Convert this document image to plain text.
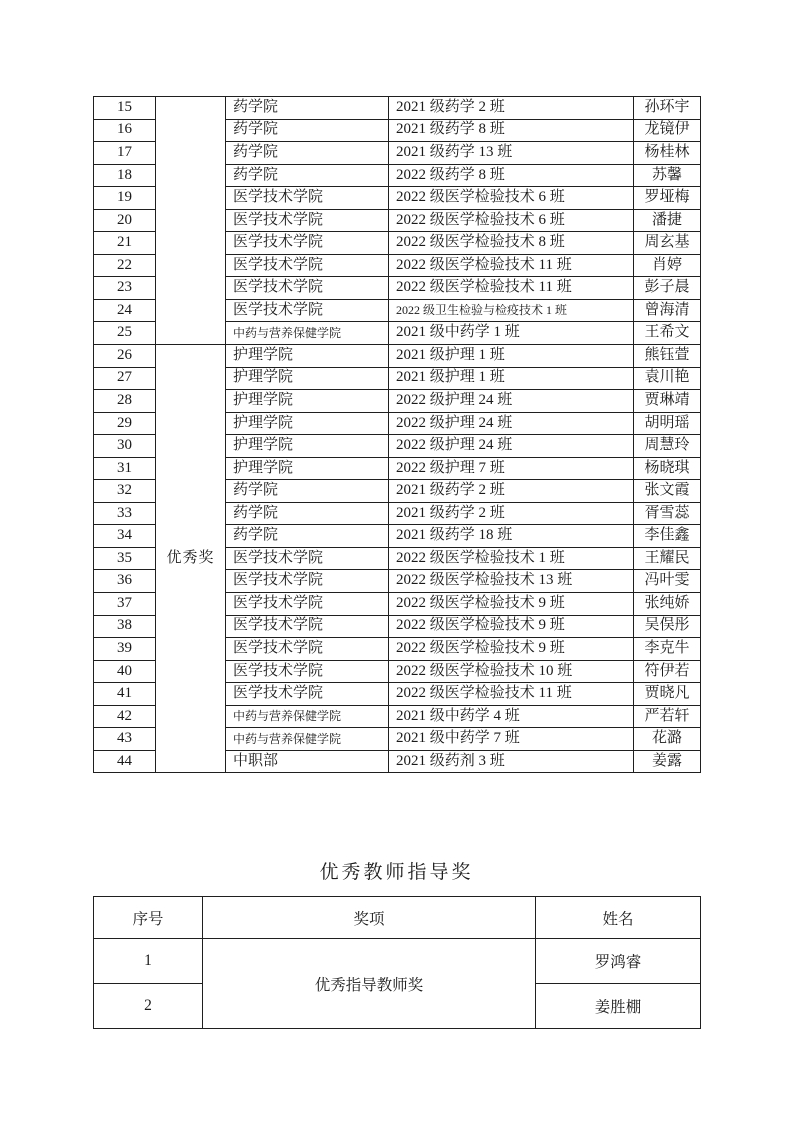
15		药学院	2021 级药学 2 班	孙环宇
16		药学院	2021 级药学 8 班	龙镜伊
17		药学院	2021 级药学 13 班	杨桂林
18		药学院	2022 级药学 8 班	苏馨
19		医学技术学院	2022 级医学检验技术 6 班	罗垭梅
20		医学技术学院	2022 级医学检验技术 6 班	潘捷
21		医学技术学院	2022 级医学检验技术 8 班	周玄基
22		医学技术学院	2022 级医学检验技术 11 班	肖婷
23		医学技术学院	2022 级医学检验技术 11 班	彭子晨
24		医学技术学院	2022 级卫生检验与检疫技术 1 班	曾海清
25		中药与营养保健学院	2021 级中药学 1 班	王希文
26	优秀奖	护理学院	2021 级护理 1 班	熊钰萱
27		护理学院	2021 级护理 1 班	袁川艳
28		护理学院	2022 级护理 24 班	贾琳靖
29		护理学院	2022 级护理 24 班	胡明瑶
30		护理学院	2022 级护理 24 班	周慧玲
31		护理学院	2022 级护理 7 班	杨晓琪
32		药学院	2021 级药学 2 班	张文霞
33		药学院	2021 级药学 2 班	胥雪蕊
34		药学院	2021 级药学 18 班	李佳鑫
35		医学技术学院	2022 级医学检验技术 1 班	王耀民
36		医学技术学院	2022 级医学检验技术 13 班	冯叶雯
37		医学技术学院	2022 级医学检验技术 9 班	张纯娇
38		医学技术学院	2022 级医学检验技术 9 班	吴俣彤
39		医学技术学院	2022 级医学检验技术 9 班	李克牛
40		医学技术学院	2022 级医学检验技术 10 班	符伊若
41		医学技术学院	2022 级医学检验技术 11 班	贾晓凡
42		中药与营养保健学院	2021 级中药学 4 班	严若轩
43		中药与营养保健学院	2021 级中药学 7 班	花潞
44		中职部	2021 级药剂 3 班	姜露
优秀教师指导奖
序号	奖项	姓名
1	优秀指导教师奖	罗鸿睿
2		姜胜棚
